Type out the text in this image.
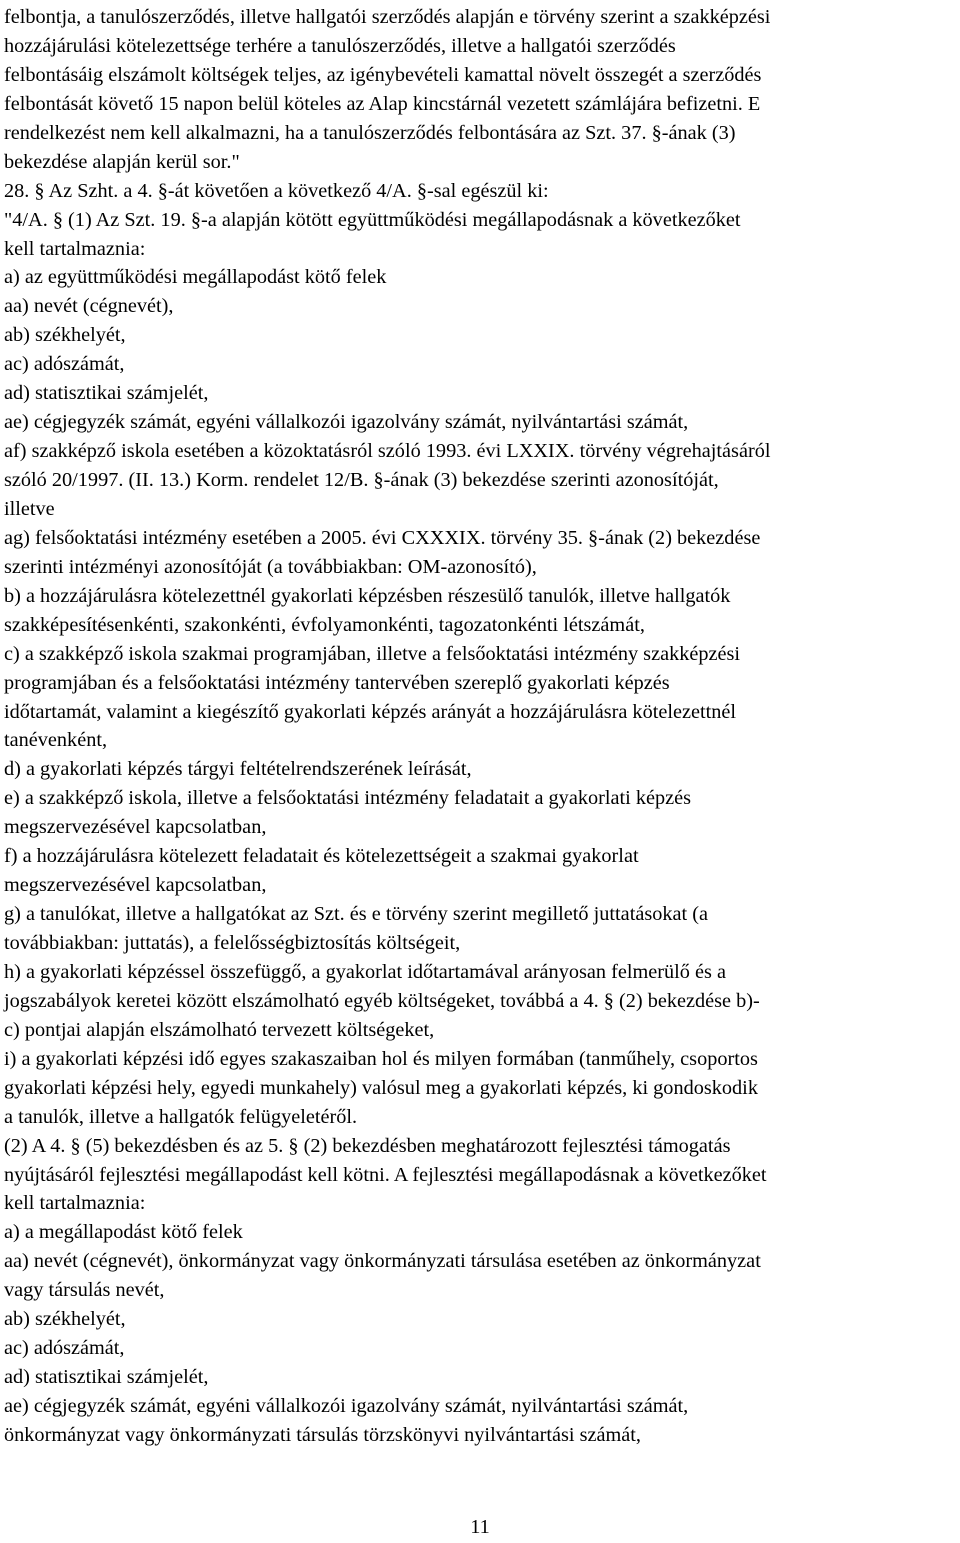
felbontja, a tanulószerződés, illetve hallgatói szerződés alapján e törvény szerint a szakképzési
hozzájárulási kötelezettsége terhére a tanulószerződés, illetve a hallgatói szerződés
felbontásáig elszámolt költségek teljes, az igénybevételi kamattal növelt összegét a szerződés
felbontását követő 15 napon belül köteles az Alap kincstárnál vezetett számlájára befizetni. E
rendelkezést nem kell alkalmazni, ha a tanulószerződés felbontására az Szt. 37. §-ának (3)
bekezdése alapján kerül sor."
28. § Az Szht. a 4. §-át követően a következő 4/A. §-sal egészül ki:
"4/A. § (1) Az Szt. 19. §-a alapján kötött együttműködési megállapodásnak a következőket
kell tartalmaznia:
a) az együttműködési megállapodást kötő felek
aa) nevét (cégnevét),
ab) székhelyét,
ac) adószámát,
ad) statisztikai számjelét,
ae) cégjegyzék számát, egyéni vállalkozói igazolvány számát, nyilvántartási számát,
af) szakképző iskola esetében a közoktatásról szóló 1993. évi LXXIX. törvény végrehajtásáról
szóló 20/1997. (II. 13.) Korm. rendelet 12/B. §-ának (3) bekezdése szerinti azonosítóját,
illetve
ag) felsőoktatási intézmény esetében a 2005. évi CXXXIX. törvény 35. §-ának (2) bekezdése
szerinti intézményi azonosítóját (a továbbiakban: OM-azonosító),
b) a hozzájárulásra kötelezettnél gyakorlati képzésben részesülő tanulók, illetve hallgatók
szakképesítésenkénti, szakonkénti, évfolyamonkénti, tagozatonkénti létszámát,
c) a szakképző iskola szakmai programjában, illetve a felsőoktatási intézmény szakképzési
programjában és a felsőoktatási intézmény tantervében szereplő gyakorlati képzés
időtartamát, valamint a kiegészítő gyakorlati képzés arányát a hozzájárulásra kötelezettnél
tanévenként,
d) a gyakorlati képzés tárgyi feltételrendszerének leírását,
e) a szakképző iskola, illetve a felsőoktatási intézmény feladatait a gyakorlati képzés
megszervezésével kapcsolatban,
f) a hozzájárulásra kötelezett feladatait és kötelezettségeit a szakmai gyakorlat
megszervezésével kapcsolatban,
g) a tanulókat, illetve a hallgatókat az Szt. és e törvény szerint megillető juttatásokat (a
továbbiakban: juttatás), a felelősségbiztosítás költségeit,
h) a gyakorlati képzéssel összefüggő, a gyakorlat időtartamával arányosan felmerülő és a
jogszabályok keretei között elszámolható egyéb költségeket, továbbá a 4. § (2) bekezdése b)-
c) pontjai alapján elszámolható tervezett költségeket,
i) a gyakorlati képzési idő egyes szakaszaiban hol és milyen formában (tanműhely, csoportos
gyakorlati képzési hely, egyedi munkahely) valósul meg a gyakorlati képzés, ki gondoskodik
a tanulók, illetve a hallgatók felügyeletéről.
(2) A 4. § (5) bekezdésben és az 5. § (2) bekezdésben meghatározott fejlesztési támogatás
nyújtásáról fejlesztési megállapodást kell kötni. A fejlesztési megállapodásnak a következőket
kell tartalmaznia:
a) a megállapodást kötő felek
aa) nevét (cégnevét), önkormányzat vagy önkormányzati társulása esetében az önkormányzat
vagy társulás nevét,
ab) székhelyét,
ac) adószámát,
ad) statisztikai számjelét,
ae) cégjegyzék számát, egyéni vállalkozói igazolvány számát, nyilvántartási számát,
önkormányzat vagy önkormányzati társulás törzskönyvi nyilvántartási számát,
11
